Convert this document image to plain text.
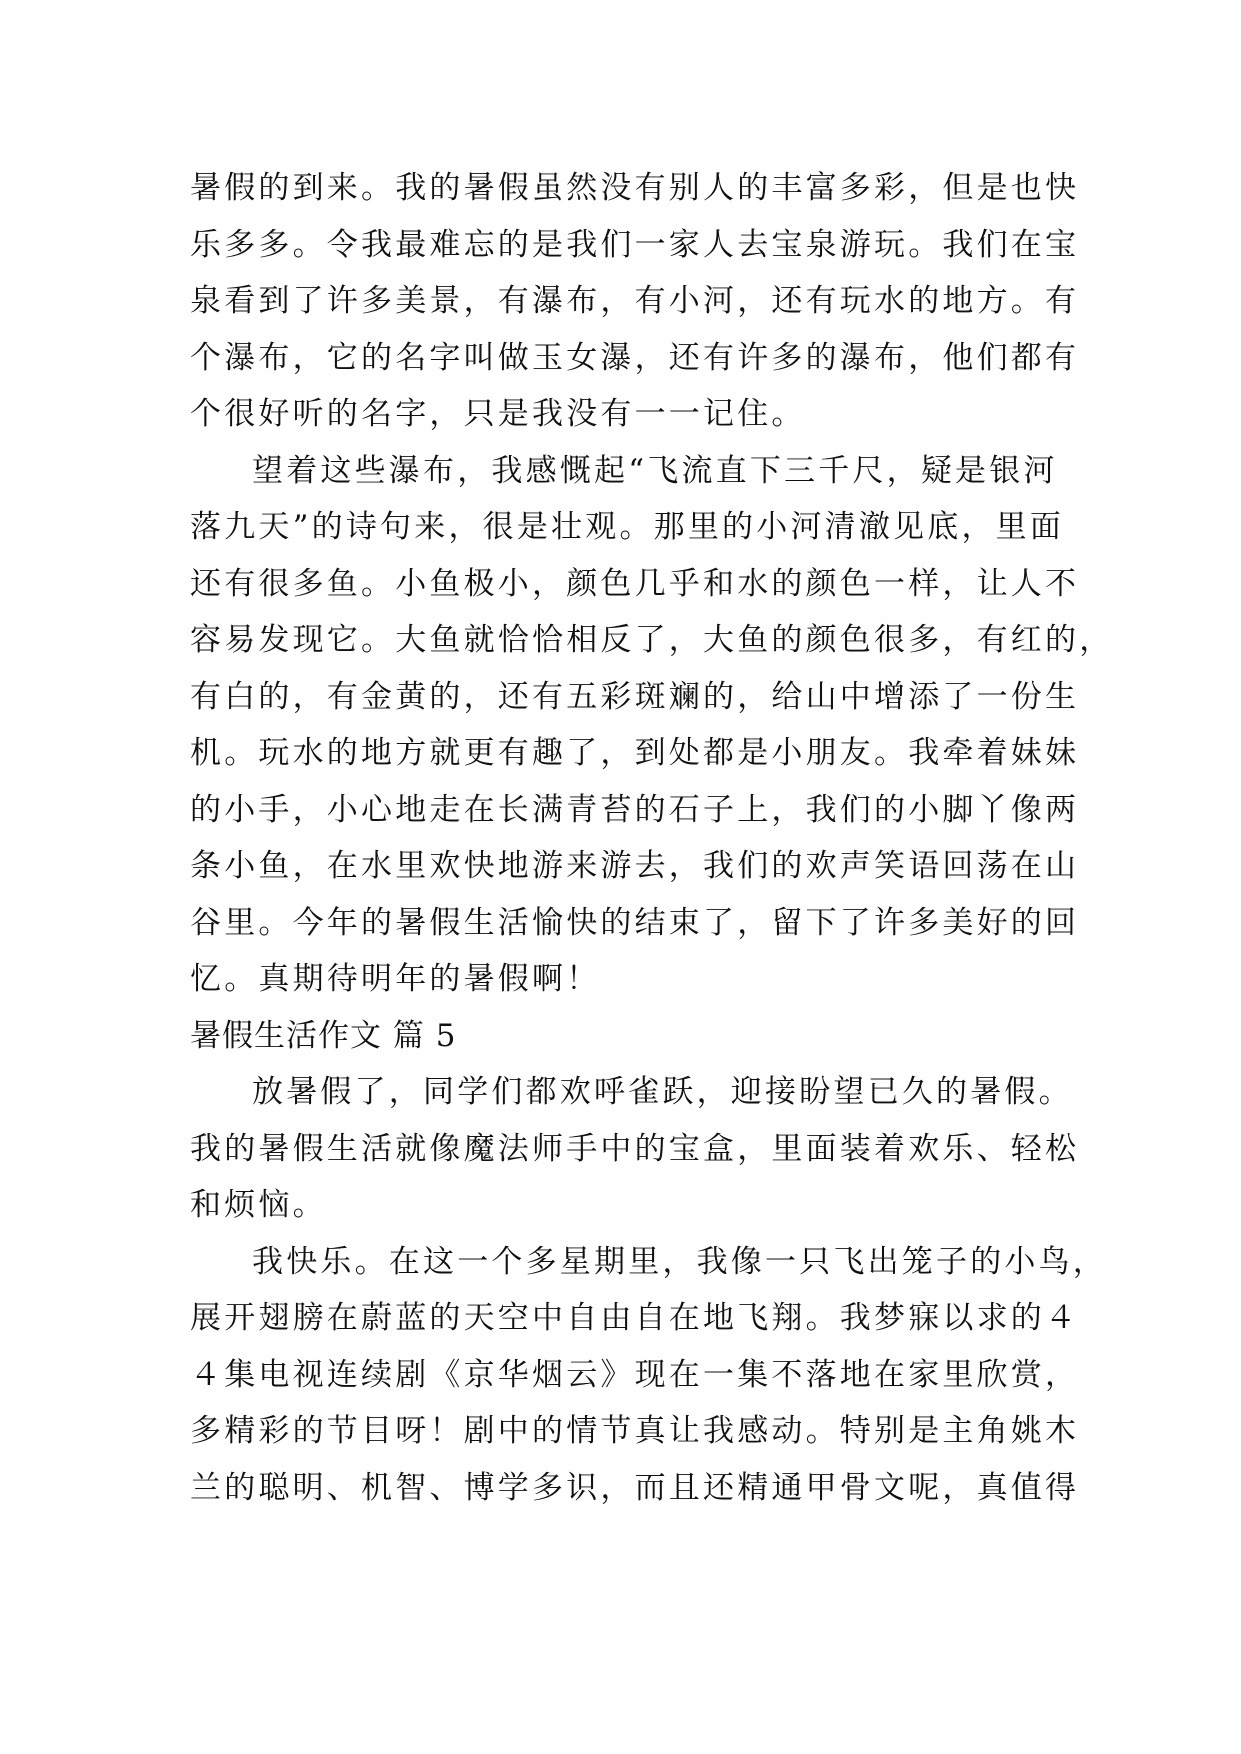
暑假的到来。我的暑假虽然没有别人的丰富多彩，但是也快
乐多多。令我最难忘的是我们一家人去宝泉游玩。我们在宝
泉看到了许多美景，有瀑布，有小河，还有玩水的地方。有
个瀑布，它的名字叫做玉女瀑，还有许多的瀑布，他们都有
个很好听的名字，只是我没有一一记住。
望着这些瀑布，我感慨起“飞流直下三千尺，疑是银河
落九天”的诗句来，很是壮观。那里的小河清澈见底，里面
还有很多鱼。小鱼极小，颜色几乎和水的颜色一样，让人不
容易发现它。大鱼就恰恰相反了，大鱼的颜色很多，有红的，
有白的，有金黄的，还有五彩斑斓的，给山中增添了一份生
机。玩水的地方就更有趣了，到处都是小朋友。我牵着妹妹
的小手，小心地走在长满青苔的石子上，我们的小脚丫像两
条小鱼，在水里欢快地游来游去，我们的欢声笑语回荡在山
谷里。今年的暑假生活愉快的结束了，留下了许多美好的回
忆。真期待明年的暑假啊！
暑假生活作文 篇 5
放暑假了，同学们都欢呼雀跃，迎接盼望已久的暑假。
我的暑假生活就像魔法师手中的宝盒，里面装着欢乐、轻松
和烦恼。
我快乐。在这一个多星期里，我像一只飞出笼子的小鸟，
展开翅膀在蔚蓝的天空中自由自在地飞翔。我梦寐以求的４
４集电视连续剧《京华烟云》现在一集不落地在家里欣赏，
多精彩的节目呀！剧中的情节真让我感动。特别是主角姚木
兰的聪明、机智、博学多识，而且还精通甲骨文呢，真值得
